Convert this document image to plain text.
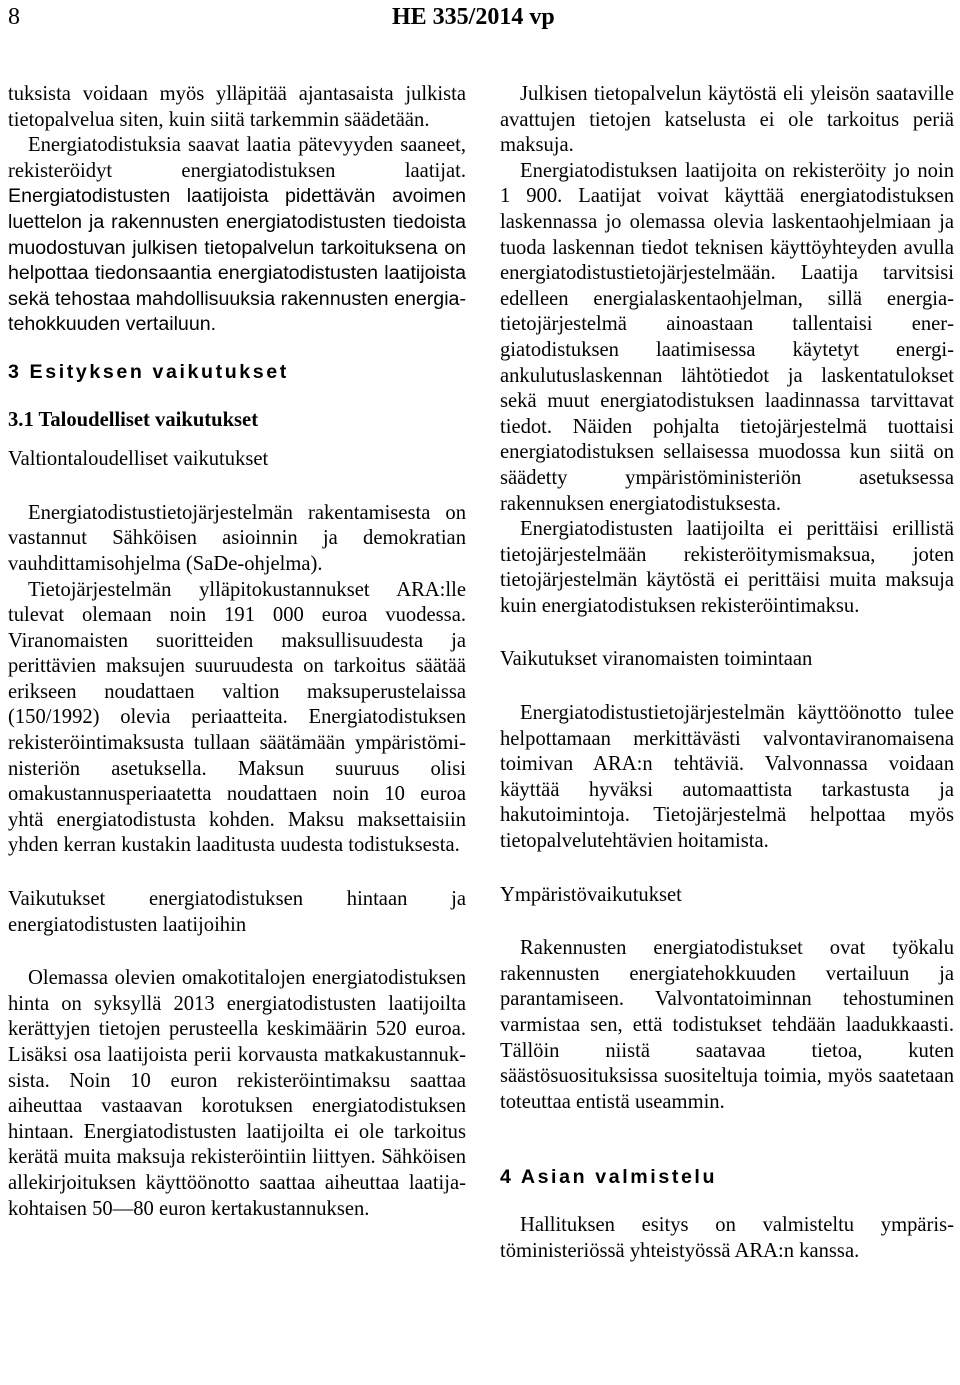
8	HE 335/2014 vp

tuksista voidaan myös ylläpitää ajantasaista julkista tietopalvelua siten, kuin siitä tarkemmin säädetään.

Energiatodistuksia saavat laatia pätevyyden saaneet, rekisteröidyt energiatodistuksen laatijat. Energiatodistusten laatijoista pidettävän avoimen luettelon ja rakennusten energiatodistusten tiedoista muodostuvan julkisen tietopalvelun tarkoituksena on helpottaa tiedonsaantia energiatodistusten laatijoista sekä tehostaa mahdollisuuksia rakennusten energiatehokkuuden vertailuun.

3 Esityksen vaikutukset

3.1 Taloudelliset vaikutukset

Valtiontaloudelliset vaikutukset

Energiatodistustietojärjestelmän rakentamisesta on vastannut Sähköisen asioinnin ja demokratian vauhdittamisohjelma (SaDe-ohjelma).

Tietojärjestelmän ylläpitokustannukset ARA:lle tulevat olemaan noin 191 000 euroa vuodessa. Viranomaisten suoritteiden maksullisuudesta ja perittävien maksujen suuruudesta on tarkoitus säätää erikseen noudattaen valtion maksuperustelaissa (150/1992) olevia periaatteita. Energiatodistuksen rekisteröintimaksusta tullaan säätämään ympäristöministeriön asetuksella. Maksun suuruus olisi omakustannusperiaatetta noudattaen noin 10 euroa yhtä energiatodistusta kohden. Maksu maksettaisiin yhden kerran kustakin laaditusta uudesta todistuksesta.

Vaikutukset energiatodistuksen hintaan ja energiatodistusten laatijoihin

Olemassa olevien omakotitalojen energiatodistuksen hinta on syksyllä 2013 energiatodistusten laatijoilta kerättyjen tietojen perusteella keskimäärin 520 euroa. Lisäksi osa laatijoista perii korvausta matkakustannuksista. Noin 10 euron rekisteröintimaksu saattaa aiheuttaa vastaavan korotuksen energiatodistuksen hintaan. Energiatodistusten laatijoilta ei ole tarkoitus kerätä muita maksuja rekisteröintiin liittyen. Sähköisen allekirjoituksen käyttöönotto saattaa aiheuttaa laatijakohtaisen 50—80 euron kertakustannuksen.

Julkisen tietopalvelun käytöstä eli yleisön saataville avattujen tietojen katselusta ei ole tarkoitus periä maksuja.

Energiatodistuksen laatijoita on rekisteröity jo noin 1 900. Laatijat voivat käyttää energiatodistuksen laskennassa jo olemassa olevia laskentaohjelmiaan ja tuoda laskennan tiedot teknisen käyttöyhteyden avulla energiatodistustietojärjestelmään. Laatija tarvitsisi edelleen energialaskentaohjelman, sillä energiatietojärjestelmä ainoastaan tallentaisi energiatodistuksen laatimisessa käytetyt energiankulutuslaskennan lähtötiedot ja laskentatulokset sekä muut energiatodistuksen laadinnassa tarvittavat tiedot. Näiden pohjalta tietojärjestelmä tuottaisi energiatodistuksen sellaisessa muodossa kun siitä on säädetty ympäristöministeriön asetuksessa rakennuksen energiatodistuksesta.

Energiatodistusten laatijoilta ei perittäisi erillistä tietojärjestelmään rekisteröitymismaksua, joten tietojärjestelmän käytöstä ei perittäisi muita maksuja kuin energiatodistuksen rekisteröintimaksu.

Vaikutukset viranomaisten toimintaan

Energiatodistustietojärjestelmän käyttöönotto tulee helpottamaan merkittävästi valvontaviranomaisena toimivan ARA:n tehtäviä. Valvonnassa voidaan käyttää hyväksi automaattista tarkastusta ja hakutoimintoja. Tietojärjestelmä helpottaa myös tietopalvelutehtävien hoitamista.

Ympäristövaikutukset

Rakennusten energiatodistukset ovat työkalu rakennusten energiatehokkuuden vertailuun ja parantamiseen. Valvontatoiminnan tehostuminen varmistaa sen, että todistukset tehdään laadukkaasti. Tällöin niistä saatavaa tietoa, kuten säästösuosituksissa suositeltuja toimia, myös saatetaan toteuttaa entistä useammin.

4 Asian valmistelu

Hallituksen esitys on valmisteltu ympäristöministeriössä yhteistyössä ARA:n kanssa.
